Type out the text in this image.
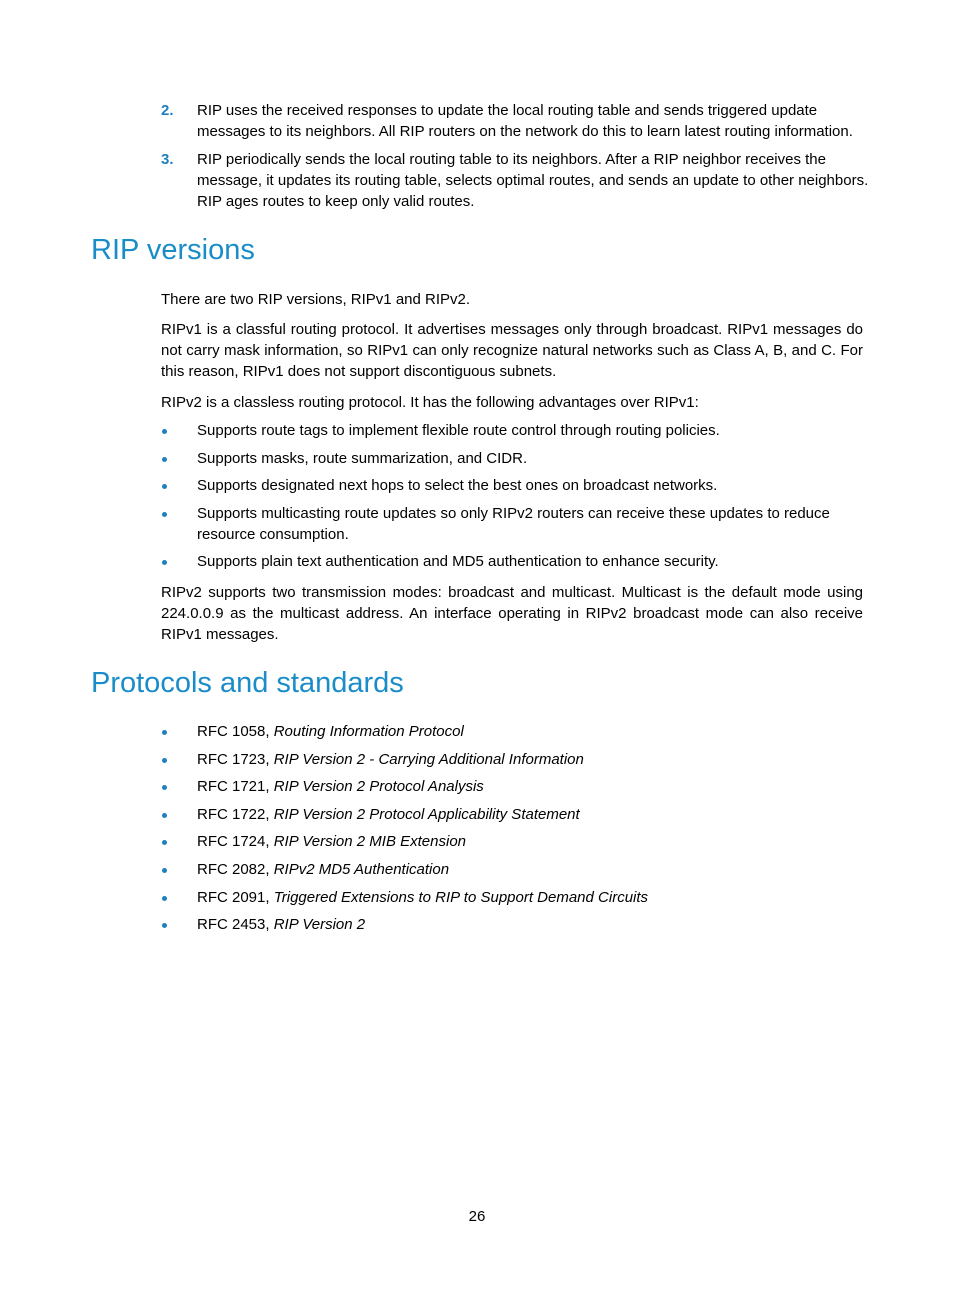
2. RIP uses the received responses to update the local routing table and sends triggered update messages to its neighbors. All RIP routers on the network do this to learn latest routing information.
3. RIP periodically sends the local routing table to its neighbors. After a RIP neighbor receives the message, it updates its routing table, selects optimal routes, and sends an update to other neighbors. RIP ages routes to keep only valid routes.
RIP versions

There are two RIP versions, RIPv1 and RIPv2.

RIPv1 is a classful routing protocol. It advertises messages only through broadcast. RIPv1 messages do not carry mask information, so RIPv1 can only recognize natural networks such as Class A, B, and C. For this reason, RIPv1 does not support discontiguous subnets.

RIPv2 is a classless routing protocol. It has the following advantages over RIPv1:

Supports route tags to implement flexible route control through routing policies.
Supports masks, route summarization, and CIDR.
Supports designated next hops to select the best ones on broadcast networks.
Supports multicasting route updates so only RIPv2 routers can receive these updates to reduce resource consumption.
Supports plain text authentication and MD5 authentication to enhance security.

RIPv2 supports two transmission modes: broadcast and multicast. Multicast is the default mode using 224.0.0.9 as the multicast address. An interface operating in RIPv2 broadcast mode can also receive RIPv1 messages.

Protocols and standards
RFC 1058, Routing Information Protocol
RFC 1723, RIP Version 2 - Carrying Additional Information
RFC 1721, RIP Version 2 Protocol Analysis
RFC 1722, RIP Version 2 Protocol Applicability Statement
RFC 1724, RIP Version 2 MIB Extension
RFC 2082, RIPv2 MD5 Authentication
RFC 2091, Triggered Extensions to RIP to Support Demand Circuits
RFC 2453, RIP Version 2
26
